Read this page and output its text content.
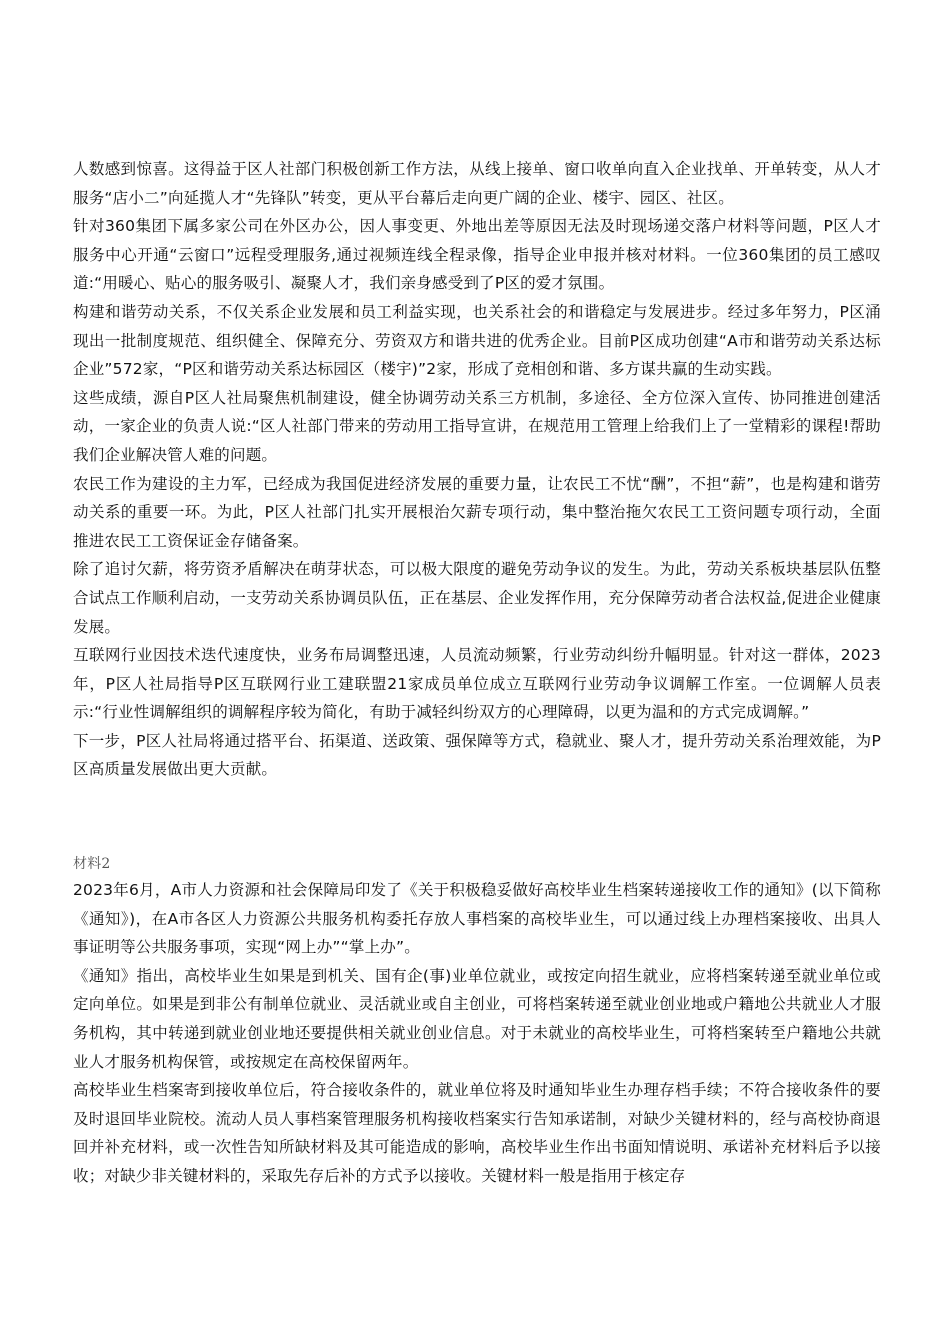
人数感到惊喜。这得益于区人社部门积极创新工作方法，从线上接单、窗口收单向直入企业找单、开单转变，从人才服务“店小二”向延揽人才“先锋队”转变，更从平台幕后走向更广阔的企业、楼宇、园区、社区。

针对360集团下属多家公司在外区办公，因人事变更、外地出差等原因无法及时现场递交落户材料等问题，P区人才服务中心开通“云窗口”远程受理服务,通过视频连线全程录像，指导企业申报并核对材料。一位360集团的员工感叹道:“用暖心、贴心的服务吸引、凝聚人才，我们亲身感受到了P区的爱才氛围。

构建和谐劳动关系，不仅关系企业发展和员工利益实现，也关系社会的和谐稳定与发展进步。经过多年努力，P区涌现出一批制度规范、组织健全、保障充分、劳资双方和谐共进的优秀企业。目前P区成功创建“A市和谐劳动关系达标企业”572家，“P区和谐劳动关系达标园区（楼宇)”2家，形成了竞相创和谐、多方谋共赢的生动实践。

这些成绩，源自P区人社局聚焦机制建设，健全协调劳动关系三方机制，多途径、全方位深入宣传、协同推进创建活动，一家企业的负责人说:“区人社部门带来的劳动用工指导宣讲，在规范用工管理上给我们上了一堂精彩的课程!帮助我们企业解决管人难的问题。

农民工作为建设的主力军，已经成为我国促进经济发展的重要力量，让农民工不忧“酬”，不担“薪”，也是构建和谐劳动关系的重要一环。为此，P区人社部门扎实开展根治欠薪专项行动，集中整治拖欠农民工工资问题专项行动，全面推进农民工工资保证金存储备案。

除了追讨欠薪，将劳资矛盾解决在萌芽状态，可以极大限度的避免劳动争议的发生。为此，劳动关系板块基层队伍整合试点工作顺利启动，一支劳动关系协调员队伍，正在基层、企业发挥作用，充分保障劳动者合法权益,促进企业健康发展。

互联网行业因技术迭代速度快，业务布局调整迅速，人员流动频繁，行业劳动纠纷升幅明显。针对这一群体，2023年，P区人社局指导P区互联网行业工建联盟21家成员单位成立互联网行业劳动争议调解工作室。一位调解人员表示:“行业性调解组织的调解程序较为简化，有助于减轻纠纷双方的心理障碍，以更为温和的方式完成调解。”

下一步，P区人社局将通过搭平台、拓渠道、送政策、强保障等方式，稳就业、聚人才，提升劳动关系治理效能，为P区高质量发展做出更大贡献。

材料2

2023年6月，A市人力资源和社会保障局印发了《关于积极稳妥做好高校毕业生档案转递接收工作的通知》(以下简称《通知》)，在A市各区人力资源公共服务机构委托存放人事档案的高校毕业生，可以通过线上办理档案接收、出具人事证明等公共服务事项，实现“网上办”“掌上办”。

《通知》指出，高校毕业生如果是到机关、国有企(事)业单位就业，或按定向招生就业，应将档案转递至就业单位或定向单位。如果是到非公有制单位就业、灵活就业或自主创业，可将档案转递至就业创业地或户籍地公共就业人才服务机构，其中转递到就业创业地还要提供相关就业创业信息。对于未就业的高校毕业生，可将档案转至户籍地公共就业人才服务机构保管，或按规定在高校保留两年。

高校毕业生档案寄到接收单位后，符合接收条件的，就业单位将及时通知毕业生办理存档手续；不符合接收条件的要及时退回毕业院校。流动人员人事档案管理服务机构接收档案实行告知承诺制，对缺少关键材料的，经与高校协商退回并补充材料，或一次性告知所缺材料及其可能造成的影响，高校毕业生作出书面知情说明、承诺补充材料后予以接收；对缺少非关键材料的，采取先存后补的方式予以接收。关键材料一般是指用于核定存
